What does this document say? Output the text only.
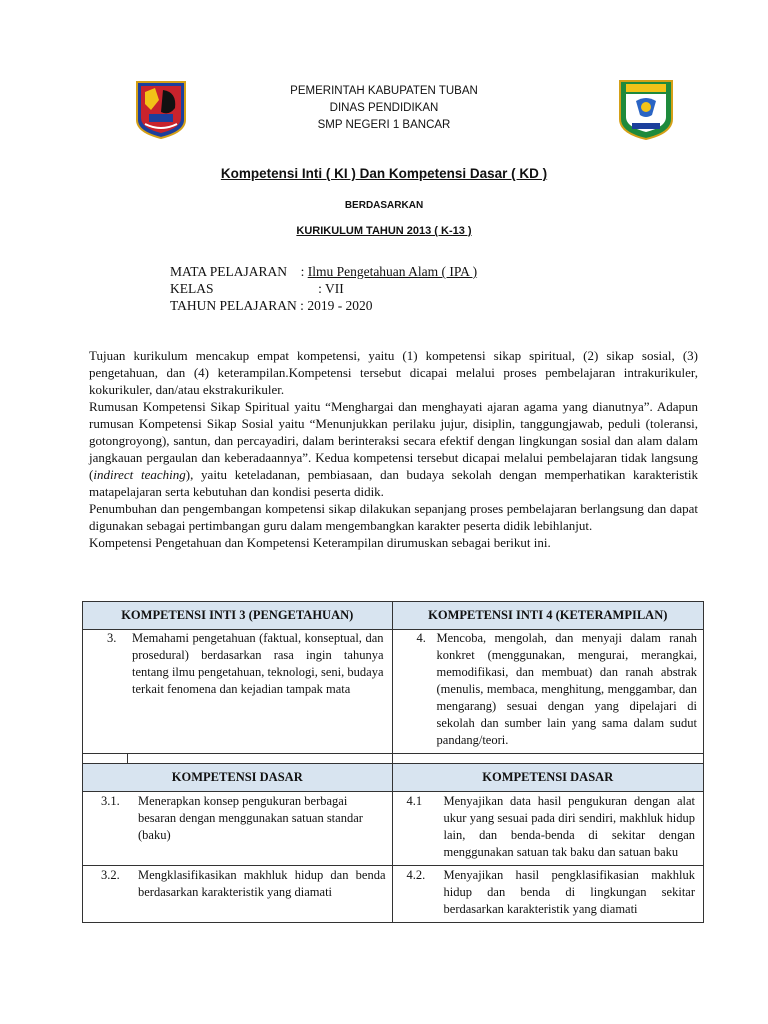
PEMERINTAH KABUPATEN TUBAN
DINAS PENDIDIKAN
SMP NEGERI 1 BANCAR
Kompetensi Inti ( KI ) Dan Kompetensi Dasar ( KD )
BERDASARKAN
KURIKULUM TAHUN 2013 ( K-13 )
MATA PELAJARAN    : Ilmu Pengetahuan Alam ( IPA )
KELAS                               : VII
TAHUN PELAJARAN : 2019 - 2020

Tujuan kurikulum mencakup empat kompetensi, yaitu (1) kompetensi sikap spiritual, (2) sikap sosial, (3) pengetahuan, dan (4) keterampilan.Kompetensi tersebut dicapai melalui proses pembelajaran intrakurikuler, kokurikuler, dan/atau ekstrakurikuler.

Rumusan Kompetensi Sikap Spiritual yaitu “Menghargai dan menghayati ajaran agama yang dianutnya”. Adapun rumusan Kompetensi Sikap Sosial yaitu “Menunjukkan perilaku jujur, disiplin, tanggungjawab, peduli (toleransi, gotongroyong), santun, dan percayadiri, dalam berinteraksi secara efektif dengan lingkungan sosial dan alam dalam jangkauan pergaulan dan keberadaannya”. Kedua kompetensi tersebut dicapai melalui pembelajaran tidak langsung (indirect teaching), yaitu keteladanan, pembiasaan, dan budaya sekolah dengan memperhatikan karakteristik matapelajaran serta kebutuhan dan kondisi peserta didik.

Penumbuhan dan pengembangan kompetensi sikap dilakukan sepanjang proses pembelajaran berlangsung dan dapat digunakan sebagai pertimbangan guru dalam mengembangkan karakter peserta didik lebihlanjut.

Kompetensi Pengetahuan dan Kompetensi Keterampilan dirumuskan sebagai berikut ini.

KOMPETENSI INTI 3 (PENGETAHUAN)	KOMPETENSI INTI 4 (KETERAMPILAN)

3. Memahami pengetahuan (faktual, konseptual, dan prosedural) berdasarkan rasa ingin tahunya tentang ilmu pengetahuan, teknologi, seni, budaya terkait fenomena dan kejadian tampak mata	4. Mencoba, mengolah, dan menyaji dalam ranah konkret (menggunakan, mengurai, merangkai, memodifikasi, dan membuat) dan ranah abstrak (menulis, membaca, menghitung, menggambar, dan mengarang) sesuai dengan yang dipelajari di sekolah dan sumber lain yang sama dalam sudut pandang/teori.

KOMPETENSI DASAR	KOMPETENSI DASAR

3.1. Menerapkan konsep pengukuran berbagai besaran dengan menggunakan satuan standar (baku)	4.1 Menyajikan data hasil pengukuran dengan alat ukur yang sesuai pada diri sendiri, makhluk hidup lain, dan benda-benda di sekitar dengan menggunakan satuan tak baku dan satuan baku

3.2. Mengklasifikasikan makhluk hidup dan benda berdasarkan karakteristik yang diamati	4.2. Menyajikan hasil pengklasifikasian makhluk hidup dan benda di lingkungan sekitar berdasarkan karakteristik yang diamati
